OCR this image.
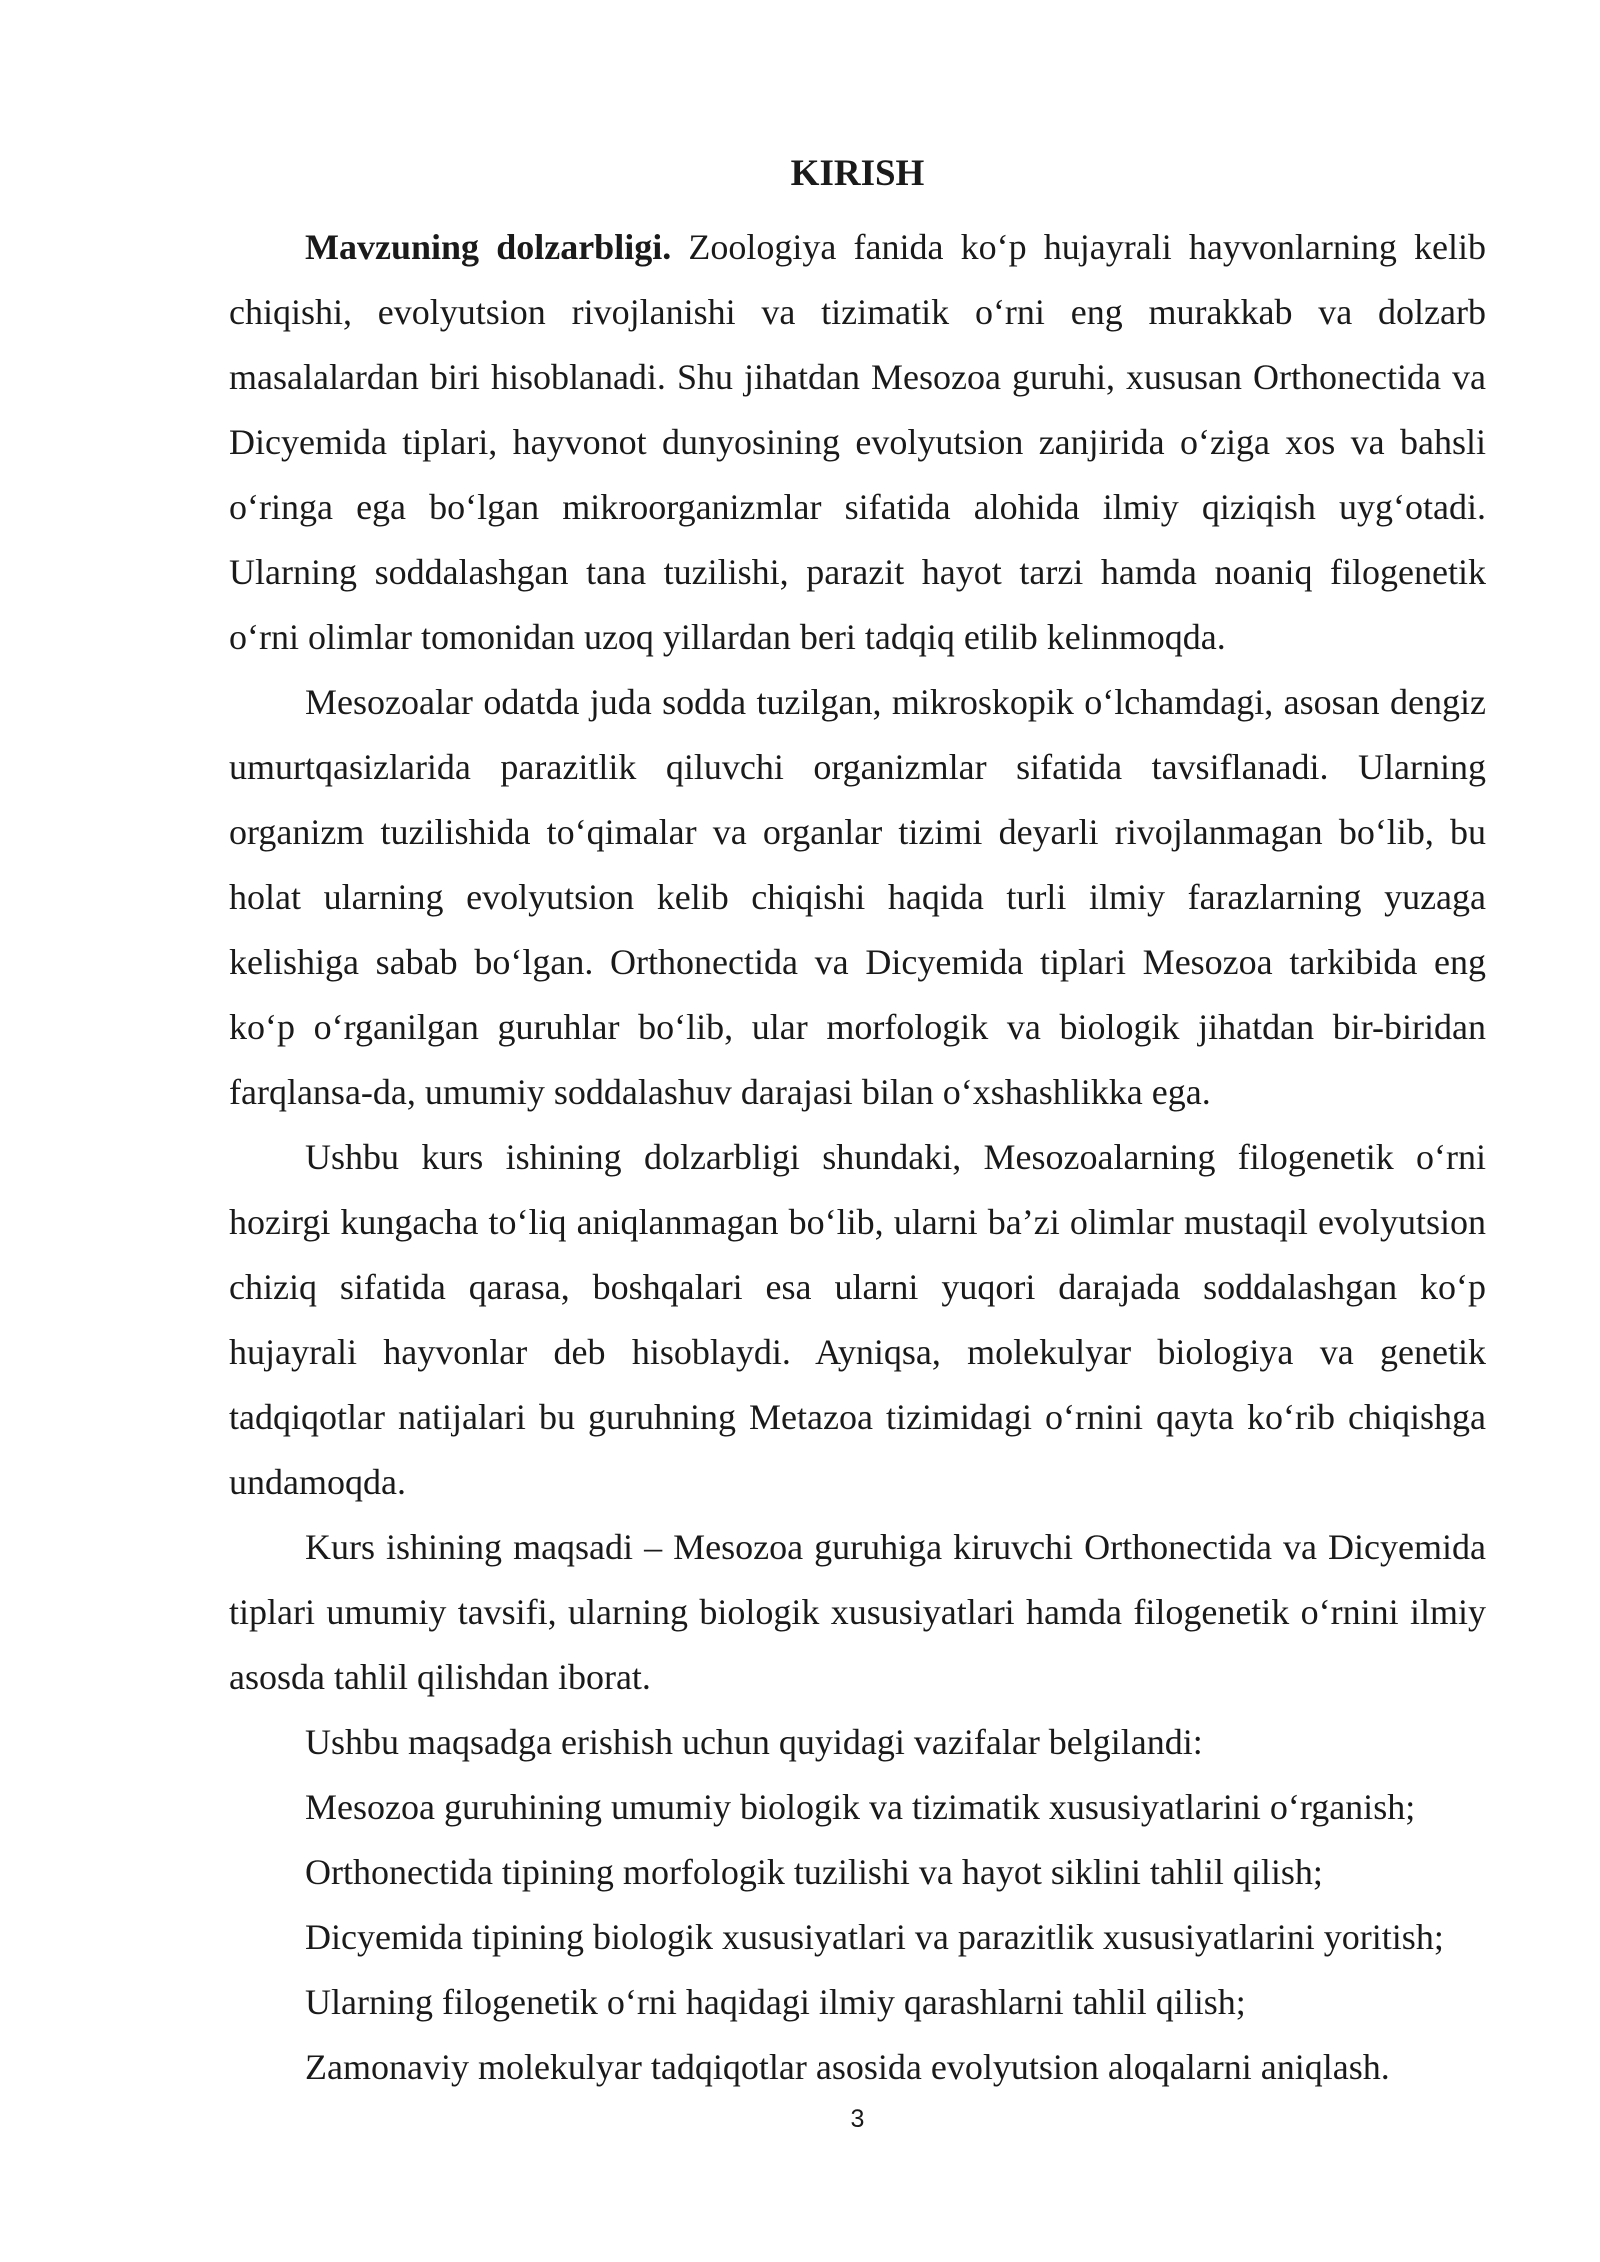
KIRISH

Mavzuning dolzarbligi. Zoologiya fanida ko‘p hujayrali hayvonlarning kelib chiqishi, evolyutsion rivojlanishi va tizimatik o‘rni eng murakkab va dolzarb masalalardan biri hisoblanadi. Shu jihatdan Mesozoa guruhi, xususan Orthonectida va Dicyemida tiplari, hayvonot dunyosining evolyutsion zanjirida o‘ziga xos va bahsli o‘ringa ega bo‘lgan mikroorganizmlar sifatida alohida ilmiy qiziqish uyg‘otadi. Ularning soddalashgan tana tuzilishi, parazit hayot tarzi hamda noaniq filogenetik o‘rni olimlar tomonidan uzoq yillardan beri tadqiq etilib kelinmoqda.

Mesozoalar odatda juda sodda tuzilgan, mikroskopik o‘lchamdagi, asosan dengiz umurtqasizlarida parazitlik qiluvchi organizmlar sifatida tavsiflanadi. Ularning organizm tuzilishida to‘qimalar va organlar tizimi deyarli rivojlanmagan bo‘lib, bu holat ularning evolyutsion kelib chiqishi haqida turli ilmiy farazlarning yuzaga kelishiga sabab bo‘lgan. Orthonectida va Dicyemida tiplari Mesozoa tarkibida eng ko‘p o‘rganilgan guruhlar bo‘lib, ular morfologik va biologik jihatdan bir-biridan farqlansa-da, umumiy soddalashuv darajasi bilan o‘xshashlikka ega.

Ushbu kurs ishining dolzarbligi shundaki, Mesozoalarning filogenetik o‘rni hozirgi kungacha to‘liq aniqlanmagan bo‘lib, ularni ba’zi olimlar mustaqil evolyutsion chiziq sifatida qarasa, boshqalari esa ularni yuqori darajada soddalashgan ko‘p hujayrali hayvonlar deb hisoblaydi. Ayniqsa, molekulyar biologiya va genetik tadqiqotlar natijalari bu guruhning Metazoa tizimidagi o‘rnini qayta ko‘rib chiqishga undamoqda.

Kurs ishining maqsadi – Mesozoa guruhiga kiruvchi Orthonectida va Dicyemida tiplari umumiy tavsifi, ularning biologik xususiyatlari hamda filogenetik o‘rnini ilmiy asosda tahlil qilishdan iborat.

Ushbu maqsadga erishish uchun quyidagi vazifalar belgilandi:

Mesozoa guruhining umumiy biologik va tizimatik xususiyatlarini o‘rganish;

Orthonectida tipining morfologik tuzilishi va hayot siklini tahlil qilish;

Dicyemida tipining biologik xususiyatlari va parazitlik xususiyatlarini yoritish;

Ularning filogenetik o‘rni haqidagi ilmiy qarashlarni tahlil qilish;

Zamonaviy molekulyar tadqiqotlar asosida evolyutsion aloqalarni aniqlash.

3
